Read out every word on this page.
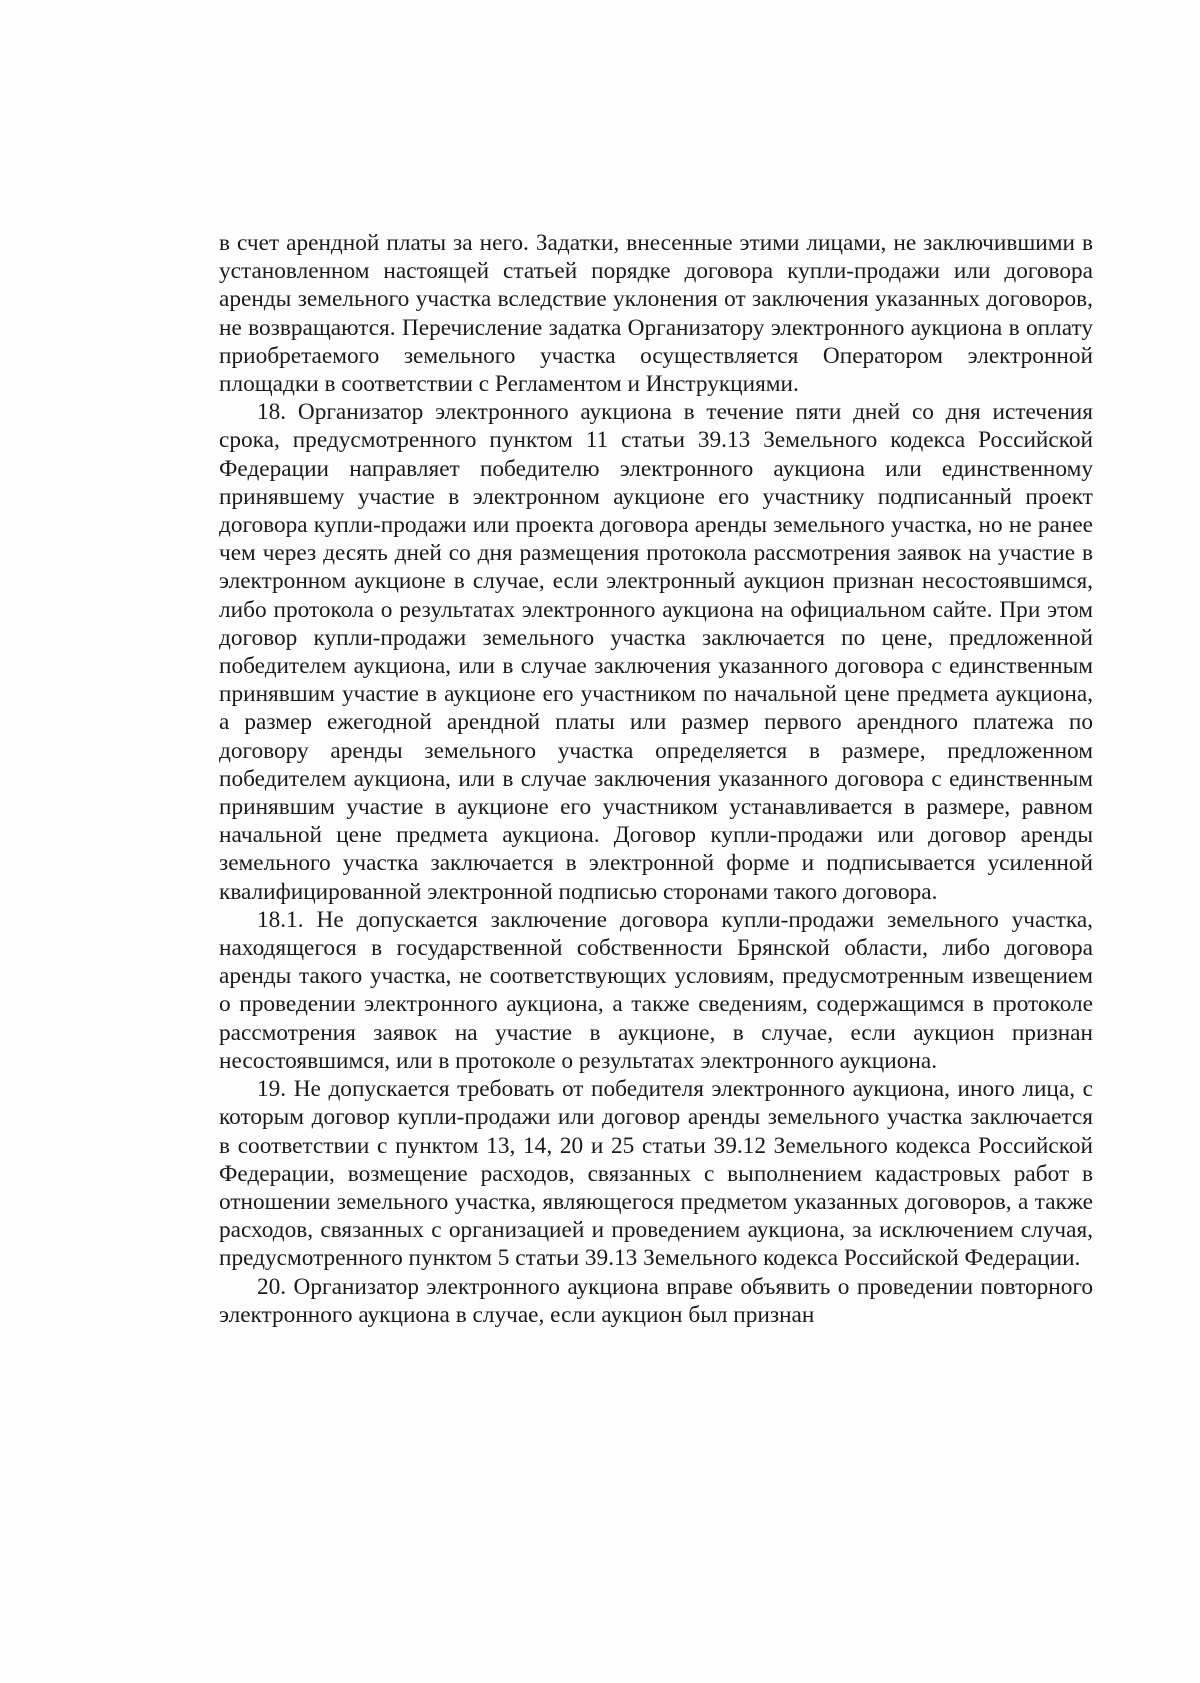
в счет арендной платы за него. Задатки, внесенные этими лицами, не заключившими в установленном настоящей статьей порядке договора купли-продажи или договора аренды земельного участка вследствие уклонения от заключения указанных договоров, не возвращаются. Перечисление задатка Организатору электронного аукциона в оплату приобретаемого земельного участка осуществляется Оператором электронной площадки в соответствии с Регламентом и Инструкциями.

18. Организатор электронного аукциона в течение пяти дней со дня истечения срока, предусмотренного пунктом 11 статьи 39.13 Земельного кодекса Российской Федерации направляет победителю электронного аукциона или единственному принявшему участие в электронном аукционе его участнику подписанный проект договора купли-продажи или проекта договора аренды земельного участка, но не ранее чем через десять дней со дня размещения протокола рассмотрения заявок на участие в электронном аукционе в случае, если электронный аукцион признан несостоявшимся, либо протокола о результатах электронного аукциона на официальном сайте. При этом договор купли-продажи земельного участка заключается по цене, предложенной победителем аукциона, или в случае заключения указанного договора с единственным принявшим участие в аукционе его участником по начальной цене предмета аукциона, а размер ежегодной арендной платы или размер первого арендного платежа по договору аренды земельного участка определяется в размере, предложенном победителем аукциона, или в случае заключения указанного договора с единственным принявшим участие в аукционе его участником устанавливается в размере, равном начальной цене предмета аукциона. Договор купли-продажи или договор аренды земельного участка заключается в электронной форме и подписывается усиленной квалифицированной электронной подписью сторонами такого договора.

18.1. Не допускается заключение договора купли-продажи земельного участка, находящегося в государственной собственности Брянской области, либо договора аренды такого участка, не соответствующих условиям, предусмотренным извещением о проведении электронного аукциона, а также сведениям, содержащимся в протоколе рассмотрения заявок на участие в аукционе, в случае, если аукцион признан несостоявшимся, или в протоколе о результатах электронного аукциона.

19. Не допускается требовать от победителя электронного аукциона, иного лица, с которым договор купли-продажи или договор аренды земельного участка заключается в соответствии с пунктом 13, 14, 20 и 25 статьи 39.12 Земельного кодекса Российской Федерации, возмещение расходов, связанных с выполнением кадастровых работ в отношении земельного участка, являющегося предметом указанных договоров, а также расходов, связанных с организацией и проведением аукциона, за исключением случая, предусмотренного пунктом 5 статьи 39.13 Земельного кодекса Российской Федерации.

20. Организатор электронного аукциона вправе объявить о проведении повторного электронного аукциона в случае, если аукцион был признан
